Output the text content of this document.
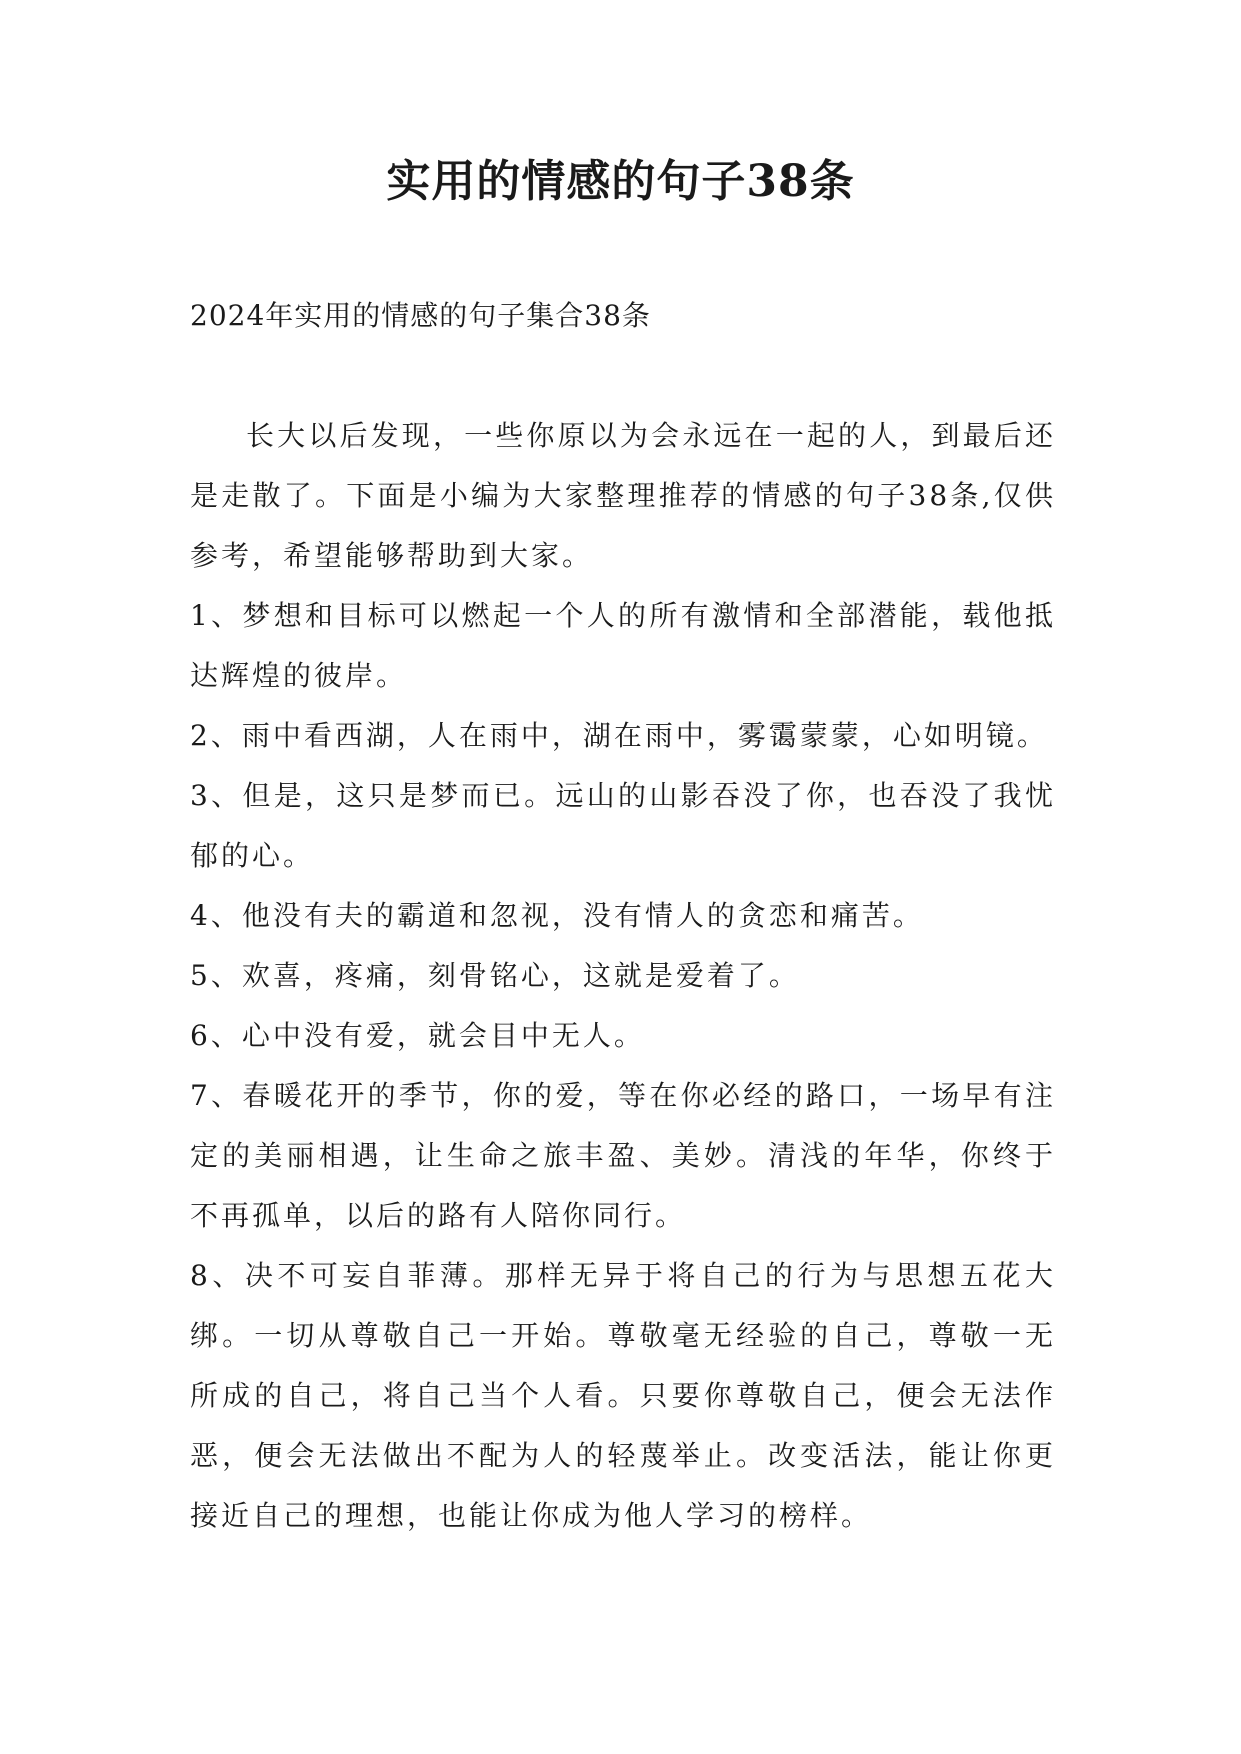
实用的情感的句子38条
2024年实用的情感的句子集合38条

长大以后发现，一些你原以为会永远在一起的人，到最后还是走散了。下面是小编为大家整理推荐的情感的句子38条,仅供参考，希望能够帮助到大家。

1、梦想和目标可以燃起一个人的所有激情和全部潜能，载他抵达辉煌的彼岸。

2、雨中看西湖，人在雨中，湖在雨中，雾霭蒙蒙，心如明镜。

3、但是，这只是梦而已。远山的山影吞没了你，也吞没了我忧郁的心。

4、他没有夫的霸道和忽视，没有情人的贪恋和痛苦。

5、欢喜，疼痛，刻骨铭心，这就是爱着了。

6、心中没有爱，就会目中无人。

7、春暖花开的季节，你的爱，等在你必经的路口，一场早有注定的美丽相遇，让生命之旅丰盈、美妙。清浅的年华，你终于不再孤单，以后的路有人陪你同行。

8、决不可妄自菲薄。那样无异于将自己的行为与思想五花大绑。一切从尊敬自己一开始。尊敬毫无经验的自己，尊敬一无所成的自己，将自己当个人看。只要你尊敬自己，便会无法作恶，便会无法做出不配为人的轻蔑举止。改变活法，能让你更接近自己的理想，也能让你成为他人学习的榜样。
